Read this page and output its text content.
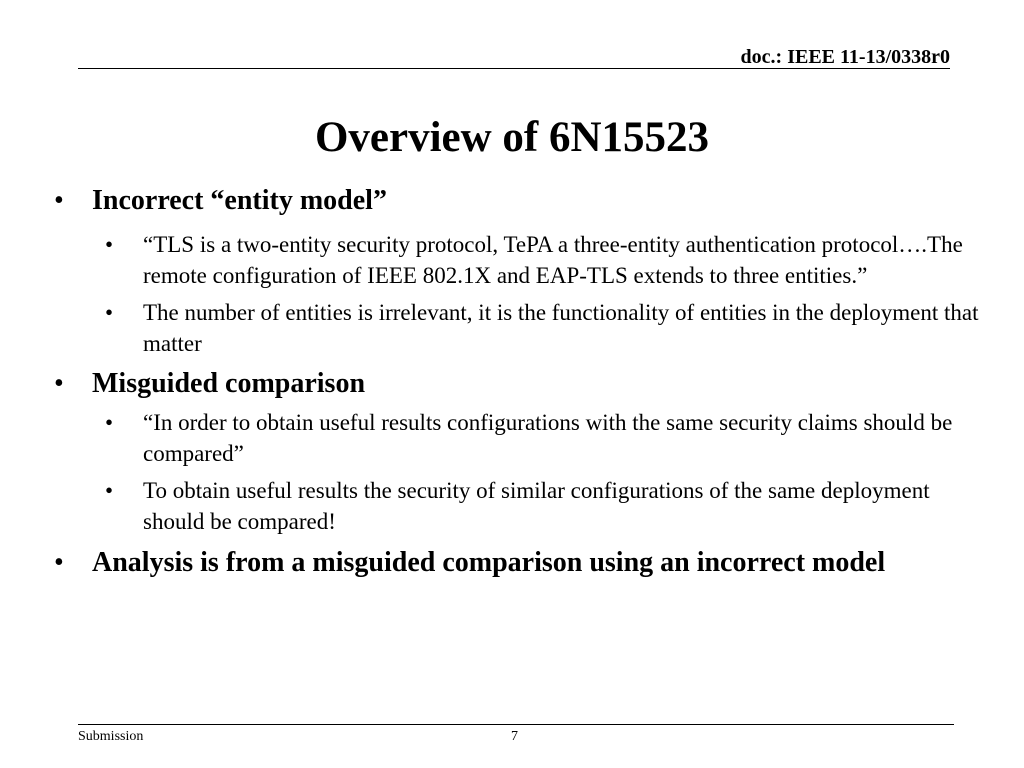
doc.: IEEE 11-13/0338r0
Overview of 6N15523
• Incorrect “entity model”
• “TLS is a two-entity security protocol, TePA a three-entity authentication protocol….The remote configuration of IEEE 802.1X and EAP-TLS extends to three entities.”
• The number of entities is irrelevant, it is the functionality of entities in the deployment that matter
• Misguided comparison
• “In order to obtain useful results configurations with the same security claims should be compared”
• To obtain useful results the security of similar configurations of the same deployment should be compared!
• Analysis is from a misguided comparison using an incorrect model
Submission	7
